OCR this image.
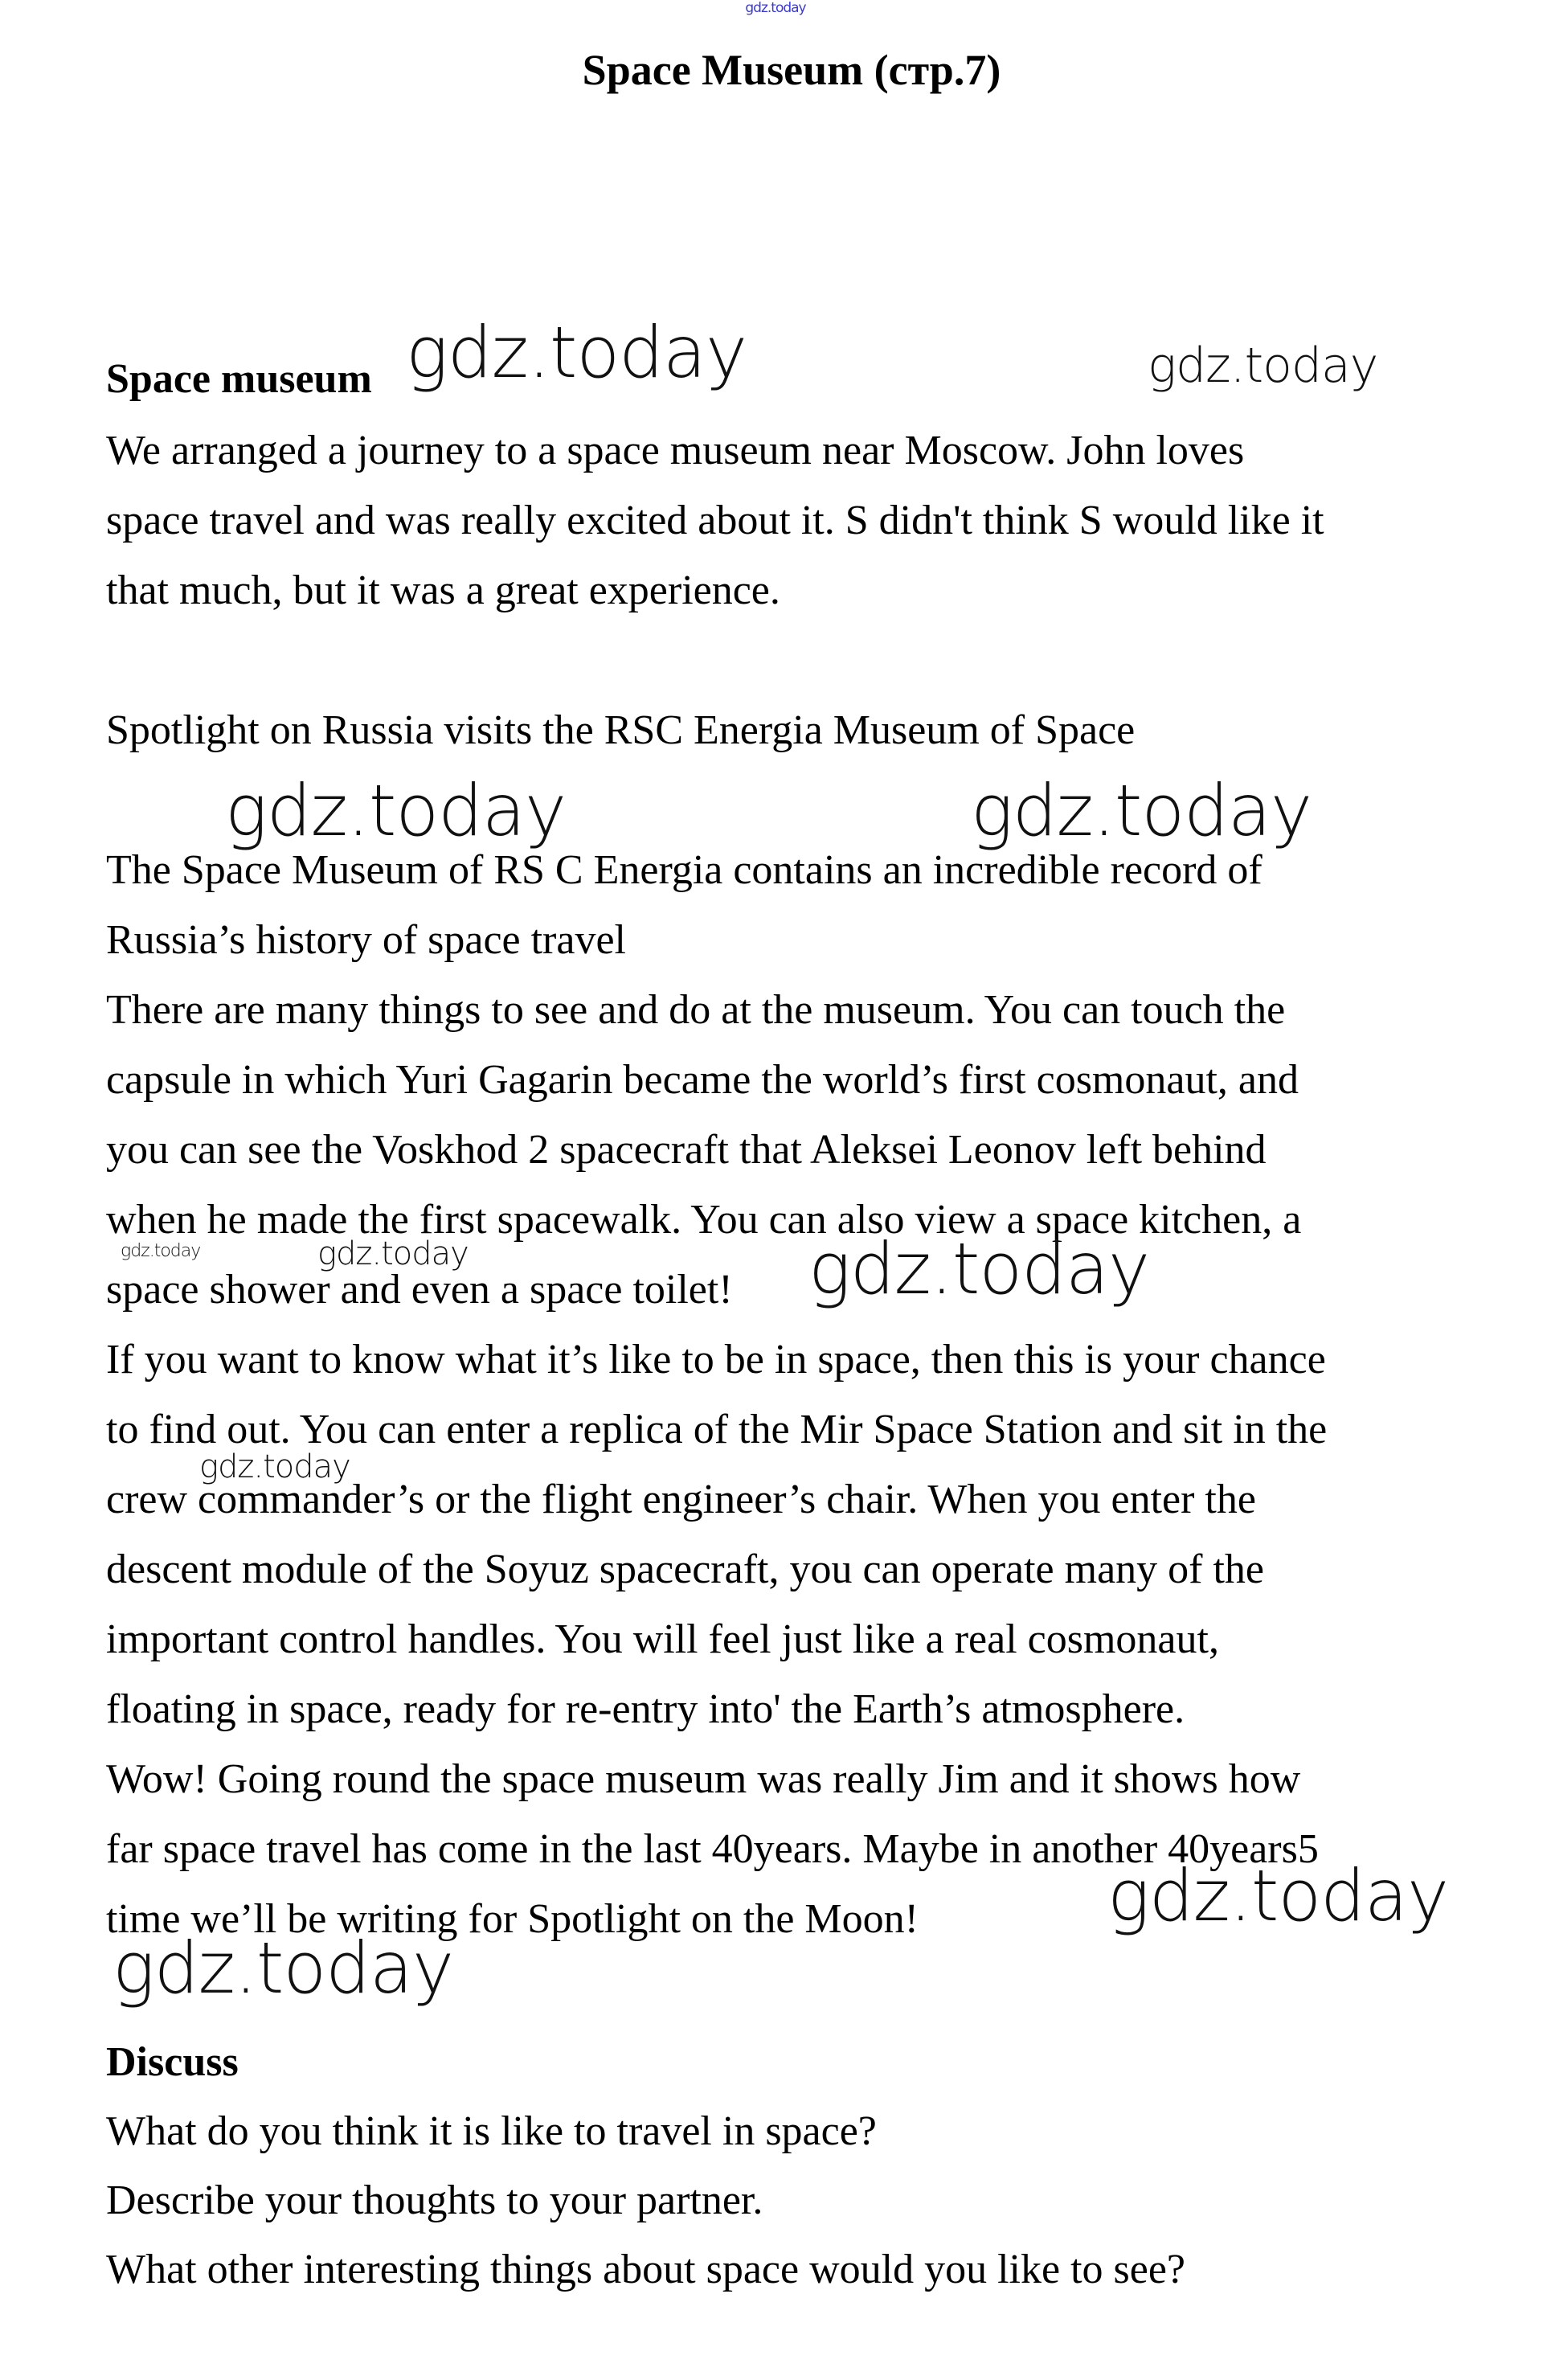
gdz.today
Space Museum (стр.7)
Space museum
We arranged a journey to a space museum near Moscow. John loves
space travel and was really excited about it. S didn't think S would like it
that much, but it was a great experience.
Spotlight on Russia visits the RSC Energia Museum of Space
The Space Museum of RS C Energia contains an incredible record of
Russia’s history of space travel
There are many things to see and do at the museum. You can touch the
capsule in which Yuri Gagarin became the world’s first cosmonaut, and
you can see the Voskhod 2 spacecraft that Aleksei Leonov left behind
when he made the first spacewalk. You can also view a space kitchen, a
space shower and even a space toilet!
If you want to know what it’s like to be in space, then this is your chance
to find out. You can enter a replica of the Mir Space Station and sit in the
crew commander’s or the flight engineer’s chair. When you enter the
descent module of the Soyuz spacecraft, you can operate many of the
important control handles. You will feel just like a real cosmonaut,
floating in space, ready for re-entry into' the Earth’s atmosphere.
Wow! Going round the space museum was really Jim and it shows how
far space travel has come in the last 40years. Maybe in another 40years5
time we’ll be writing for Spotlight on the Moon!
Discuss
What do you think it is like to travel in space?
Describe your thoughts to your partner.
What other interesting things about space would you like to see?
gdz.today	gdz.today
gdz.today	gdz.today
gdz.today	gdz.today	gdz.today
gdz.today
gdz.today
gdz.today
